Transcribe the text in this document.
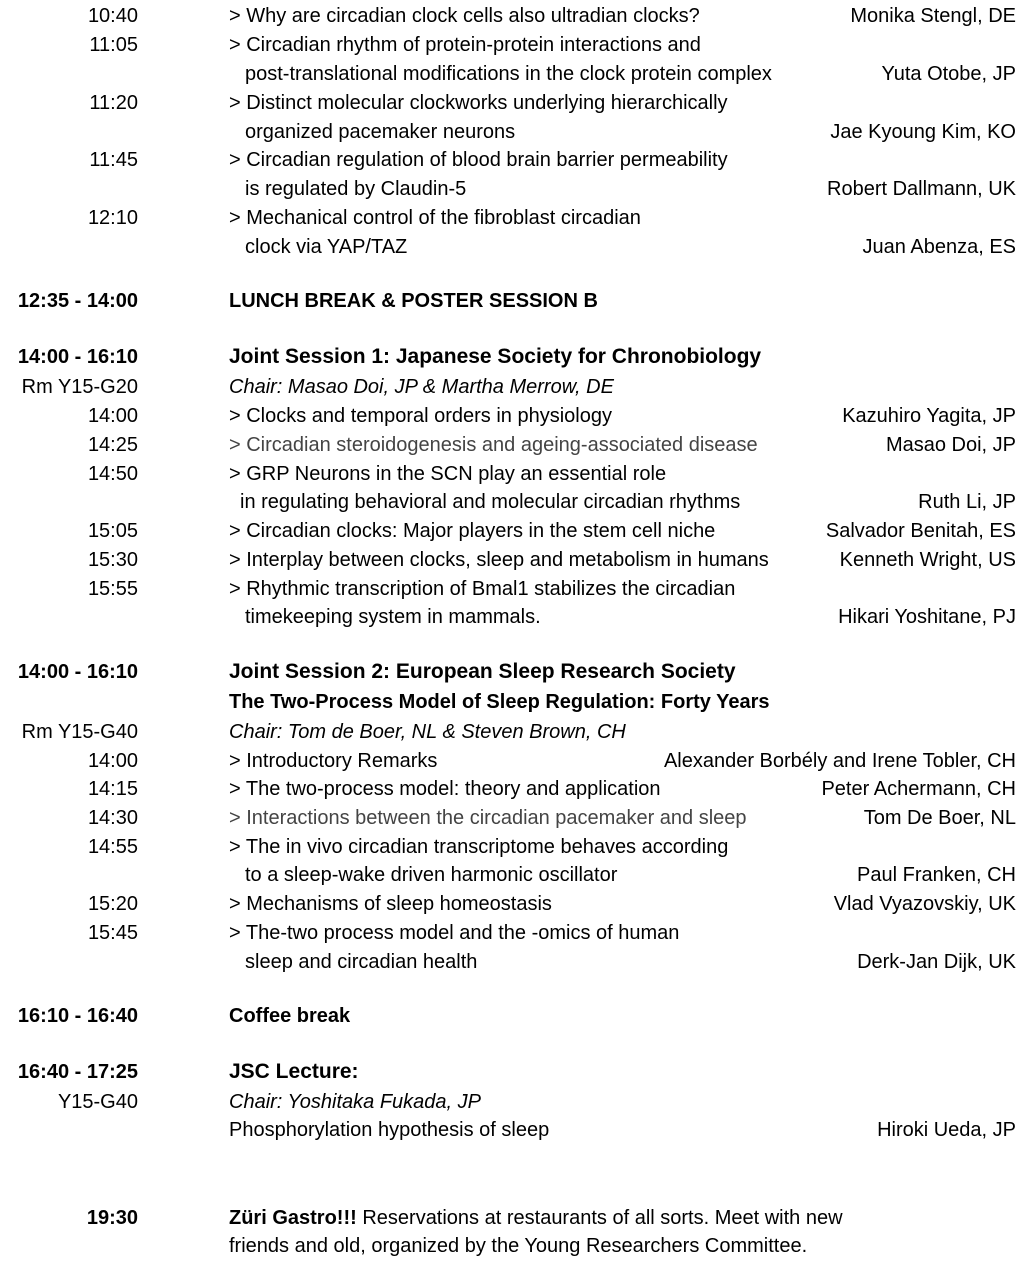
10:40	> Why are circadian clock cells also ultradian clocks?	Monika Stengl, DE
11:05	> Circadian rhythm of protein-protein interactions and
post-translational modifications in the clock protein complex	Yuta Otobe, JP
11:20	> Distinct molecular clockworks underlying hierarchically
organized pacemaker neurons	Jae Kyoung Kim, KO
11:45	> Circadian regulation of blood brain barrier permeability
is regulated by Claudin-5	Robert Dallmann, UK
12:10	> Mechanical control of the fibroblast circadian
clock via YAP/TAZ	Juan Abenza, ES
12:35 - 14:00	LUNCH BREAK & POSTER SESSION B
14:00 - 16:10	Joint Session 1: Japanese Society for Chronobiology
Rm Y15-G20	Chair: Masao Doi, JP & Martha Merrow, DE
14:00	> Clocks and temporal orders in physiology	Kazuhiro Yagita, JP
14:25	> Circadian steroidogenesis and ageing-associated disease	Masao Doi, JP
14:50	> GRP Neurons in the SCN play an essential role
in regulating behavioral and molecular circadian rhythms	Ruth Li, JP
15:05	> Circadian clocks: Major players in the stem cell niche	Salvador Benitah, ES
15:30	> Interplay between clocks, sleep and metabolism in humans	Kenneth Wright, US
15:55	> Rhythmic transcription of Bmal1 stabilizes the circadian
timekeeping system in mammals.	Hikari Yoshitane, PJ
14:00 - 16:10	Joint Session 2: European Sleep Research Society
The Two-Process Model of Sleep Regulation: Forty Years
Rm Y15-G40	Chair: Tom de Boer, NL & Steven Brown, CH
14:00	> Introductory Remarks	Alexander Borbély and Irene Tobler, CH
14:15	> The two-process model: theory and application	Peter Achermann, CH
14:30	> Interactions between the circadian pacemaker and sleep	Tom De Boer, NL
14:55	> The in vivo circadian transcriptome behaves according
to a sleep-wake driven harmonic oscillator	Paul Franken, CH
15:20	> Mechanisms of sleep homeostasis	Vlad Vyazovskiy, UK
15:45	> The-two process model and the -omics of human
sleep and circadian health	Derk-Jan Dijk, UK
16:10 - 16:40	Coffee break
16:40 - 17:25	JSC Lecture:
Y15-G40	Chair: Yoshitaka Fukada, JP
Phosphorylation hypothesis of sleep	Hiroki Ueda, JP
19:30	Züri Gastro!!! Reservations at restaurants of all sorts. Meet with new
friends and old, organized by the Young Researchers Committee.
